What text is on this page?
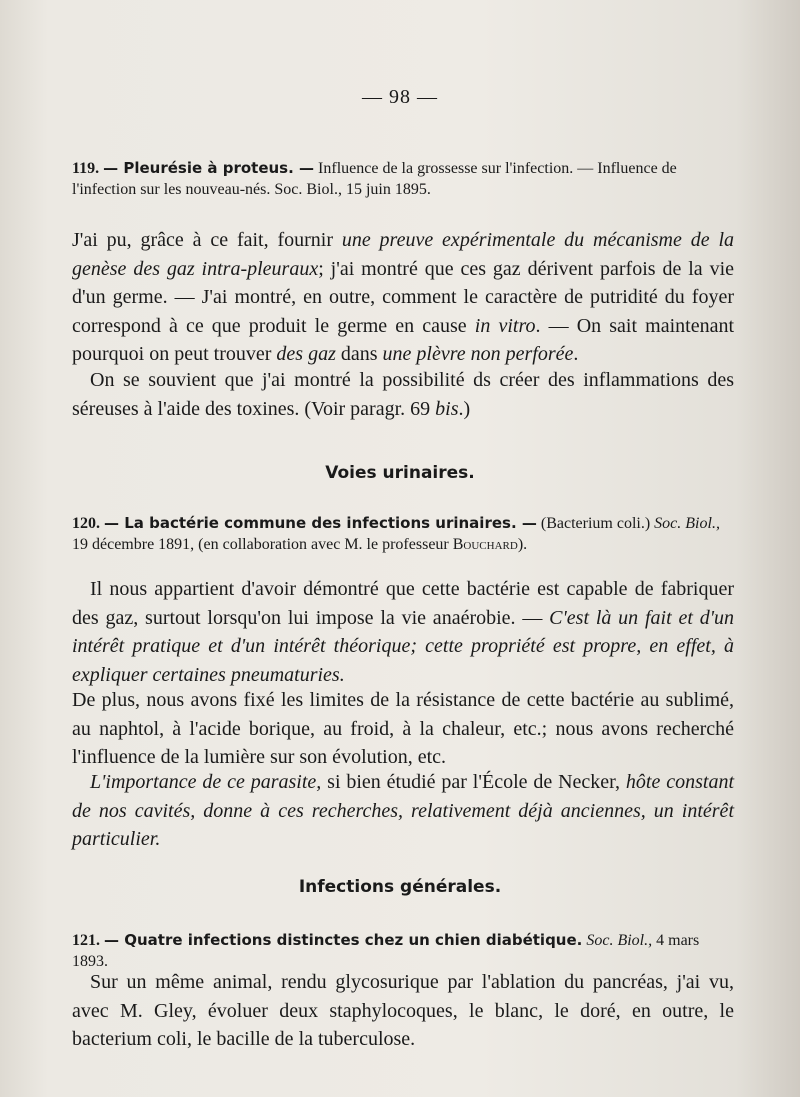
— 98 —
119. — Pleurésie à proteus. — Influence de la grossesse sur l'infection. — Influence de l'infection sur les nouveau-nés. Soc. Biol., 15 juin 1895.
J'ai pu, grâce à ce fait, fournir une preuve expérimentale du mécanisme de la genèse des gaz intra-pleuraux; j'ai montré que ces gaz dérivent parfois de la vie d'un germe. — J'ai montré, en outre, comment le caractère de putridité du foyer correspond à ce que produit le germe en cause in vitro. — On sait maintenant pourquoi on peut trouver des gaz dans une plèvre non perforée.
On se souvient que j'ai montré la possibilité ds créer des inflammations des séreuses à l'aide des toxines. (Voir paragr. 69 bis.)
Voies urinaires.
120. — La bactérie commune des infections urinaires. — (Bacterium coli.) Soc. Biol., 19 décembre 1891, (en collaboration avec M. le professeur Bouchard).
Il nous appartient d'avoir démontré que cette bactérie est capable de fabriquer des gaz, surtout lorsqu'on lui impose la vie anaérobie. — C'est là un fait et d'un intérêt pratique et d'un intérêt théorique; cette propriété est propre, en effet, à expliquer certaines pneumaturies.
De plus, nous avons fixé les limites de la résistance de cette bactérie au sublimé, au naphtol, à l'acide borique, au froid, à la chaleur, etc.; nous avons recherché l'influence de la lumière sur son évolution, etc.
L'importance de ce parasite, si bien étudié par l'École de Necker, hôte constant de nos cavités, donne à ces recherches, relativement déjà anciennes, un intérêt particulier.
Infections générales.
121. — Quatre infections distinctes chez un chien diabétique. Soc. Biol., 4 mars 1893.
Sur un même animal, rendu glycosurique par l'ablation du pancréas, j'ai vu, avec M. Gley, évoluer deux staphylocoques, le blanc, le doré, en outre, le bacterium coli, le bacille de la tuberculose.
